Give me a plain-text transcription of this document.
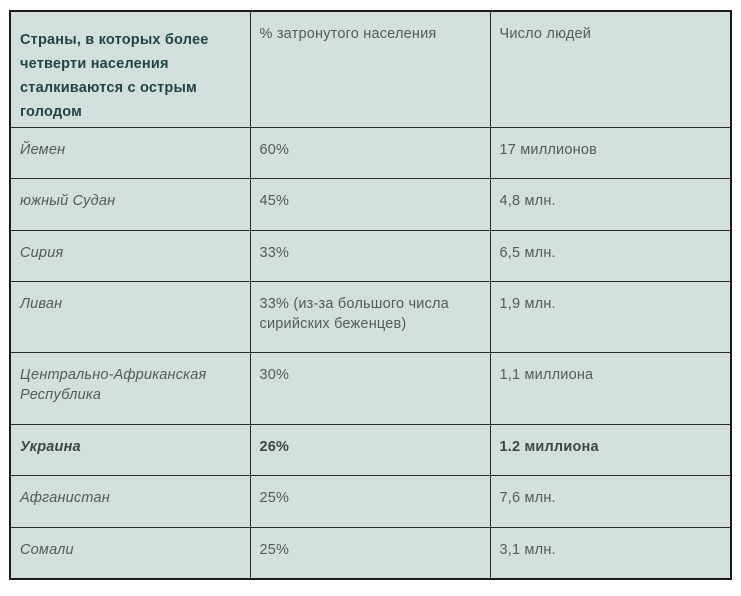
Страны, в которых более четверти населения сталкиваются с острым голодом	% затронутого населения	Число людей
Йемен	60%	17 миллионов
южный Судан	45%	4,8 млн.
Сирия	33%	6,5 млн.
Ливан	33% (из-за большого числа сирийских беженцев)	1,9 млн.
Центрально-Африканская Республика	30%	1,1 миллиона
Украина	26%	1.2 миллиона
Афганистан	25%	7,6 млн.
Сомали	25%	3,1 млн.
